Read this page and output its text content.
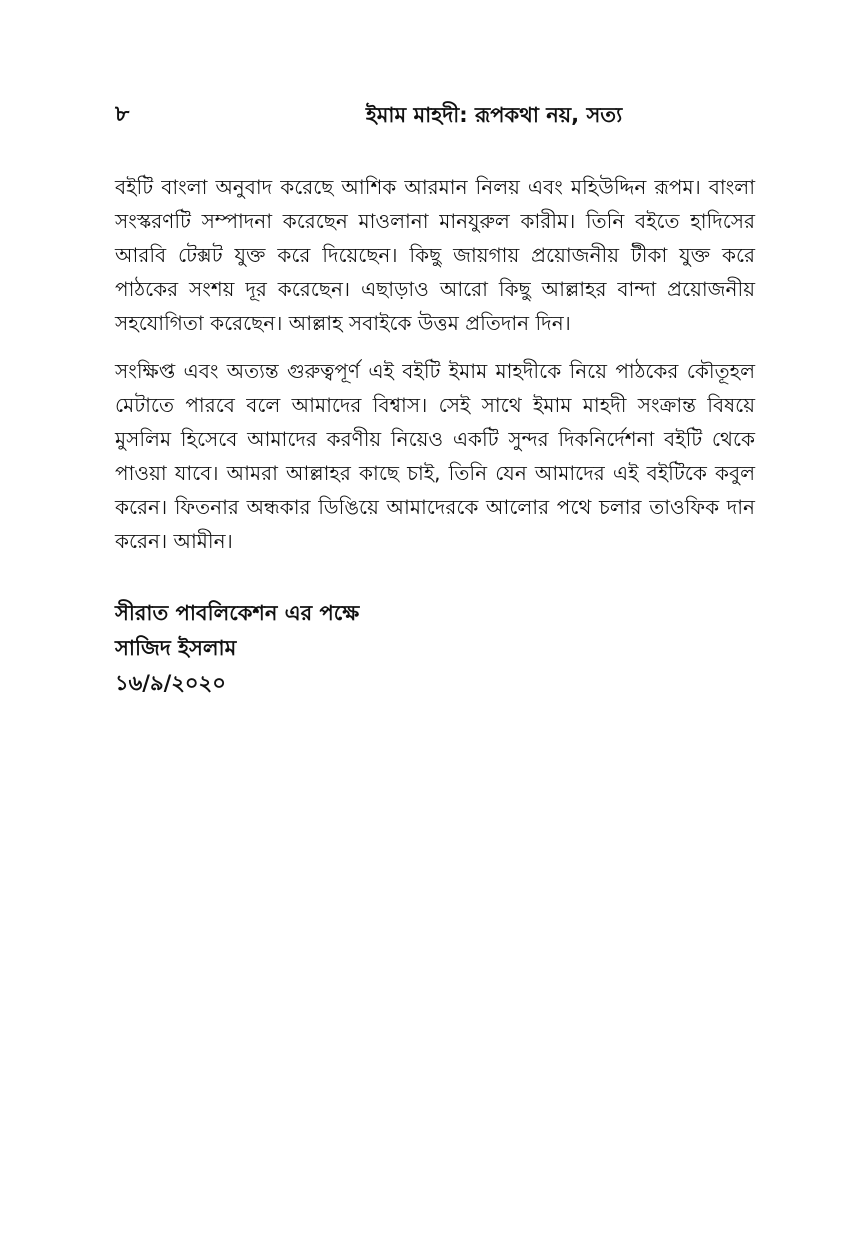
৮	ইমাম মাহদী: রূপকথা নয়, সত্য

বইটি বাংলা অনুবাদ করেছে আশিক আরমান নিলয় এবং মহিউদ্দিন রূপম। বাংলা সংস্করণটি সম্পাদনা করেছেন মাওলানা মানযুরুল কারীম। তিনি বইতে হাদিসের আরবি টেক্সট যুক্ত করে দিয়েছেন। কিছু জায়গায় প্রয়োজনীয় টীকা যুক্ত করে পাঠকের সংশয় দূর করেছেন। এছাড়াও আরো কিছু আল্লাহর বান্দা প্রয়োজনীয় সহযোগিতা করেছেন। আল্লাহ সবাইকে উত্তম প্রতিদান দিন।

সংক্ষিপ্ত এবং অত্যন্ত গুরুত্বপূর্ণ এই বইটি ইমাম মাহদীকে নিয়ে পাঠকের কৌতূহল মেটাতে পারবে বলে আমাদের বিশ্বাস। সেই সাথে ইমাম মাহদী সংক্রান্ত বিষয়ে মুসলিম হিসেবে আমাদের করণীয় নিয়েও একটি সুন্দর দিকনির্দেশনা বইটি থেকে পাওয়া যাবে। আমরা আল্লাহর কাছে চাই, তিনি যেন আমাদের এই বইটিকে কবুল করেন। ফিতনার অন্ধকার ডিঙিয়ে আমাদেরকে আলোর পথে চলার তাওফিক দান করেন। আমীন।

সীরাত পাবলিকেশন এর পক্ষে
সাজিদ ইসলাম
১৬/৯/২০২০
